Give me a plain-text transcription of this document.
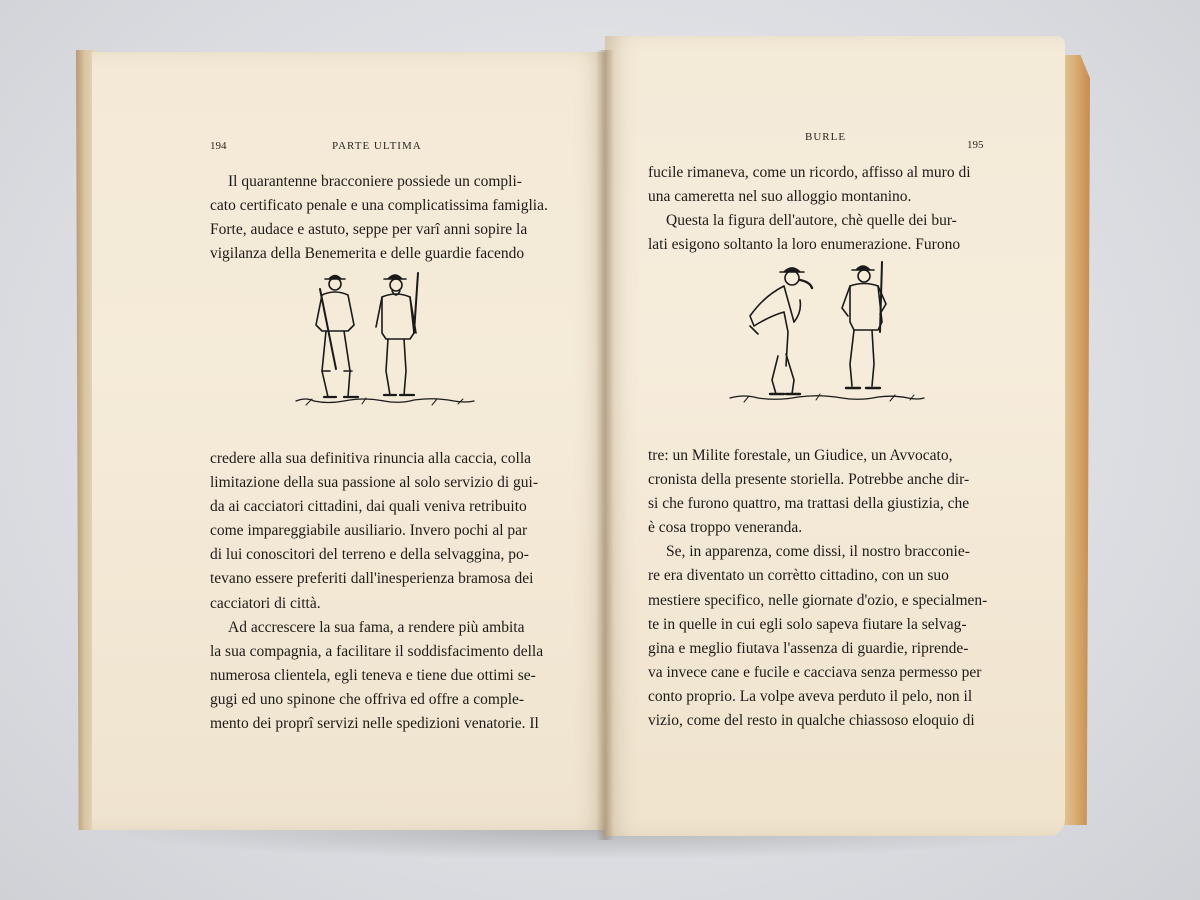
194	PARTE ULTIMA
Il quarantenne bracconiere possiede un compli-
cato certificato penale e una complicatissima famiglia.
Forte, audace e astuto, seppe per varî anni sopire la
vigilanza della Benemerita e delle guardie facendo

credere alla sua definitiva rinuncia alla caccia, colla
limitazione della sua passione al solo servizio di gui-
da ai cacciatori cittadini, dai quali veniva retribuito
come impareggiabile ausiliario. Invero pochi al par
di lui conoscitori del terreno e della selvaggina, po-
tevano essere preferiti dall'inesperienza bramosa dei
cacciatori di città.
Ad accrescere la sua fama, a rendere più ambita
la sua compagnia, a facilitare il soddisfacimento della
numerosa clientela, egli teneva e tiene due ottimi se-
gugi ed uno spinone che offriva ed offre a comple-
mento dei proprî servizi nelle spedizioni venatorie. Il
BURLE
195
fucile rimaneva, come un ricordo, affisso al muro di
una cameretta nel suo alloggio montanino.
Questa la figura dell'autore, chè quelle dei bur-
lati esigono soltanto la loro enumerazione. Furono
tre: un Milite forestale, un Giudice, un Avvocato,
cronista della presente storiella. Potrebbe anche dir-
si che furono quattro, ma trattasi della giustizia, che
è cosa troppo veneranda.
Se, in apparenza, come dissi, il nostro bracconie-
re era diventato un corrètto cittadino, con un suo
mestiere specifico, nelle giornate d'ozio, e specialmen-
te in quelle in cui egli solo sapeva fiutare la selvag-
gina e meglio fiutava l'assenza di guardie, riprende-
va invece cane e fucile e cacciava senza permesso per
conto proprio. La volpe aveva perduto il pelo, non il
vizio, come del resto in qualche chiassoso eloquio di
